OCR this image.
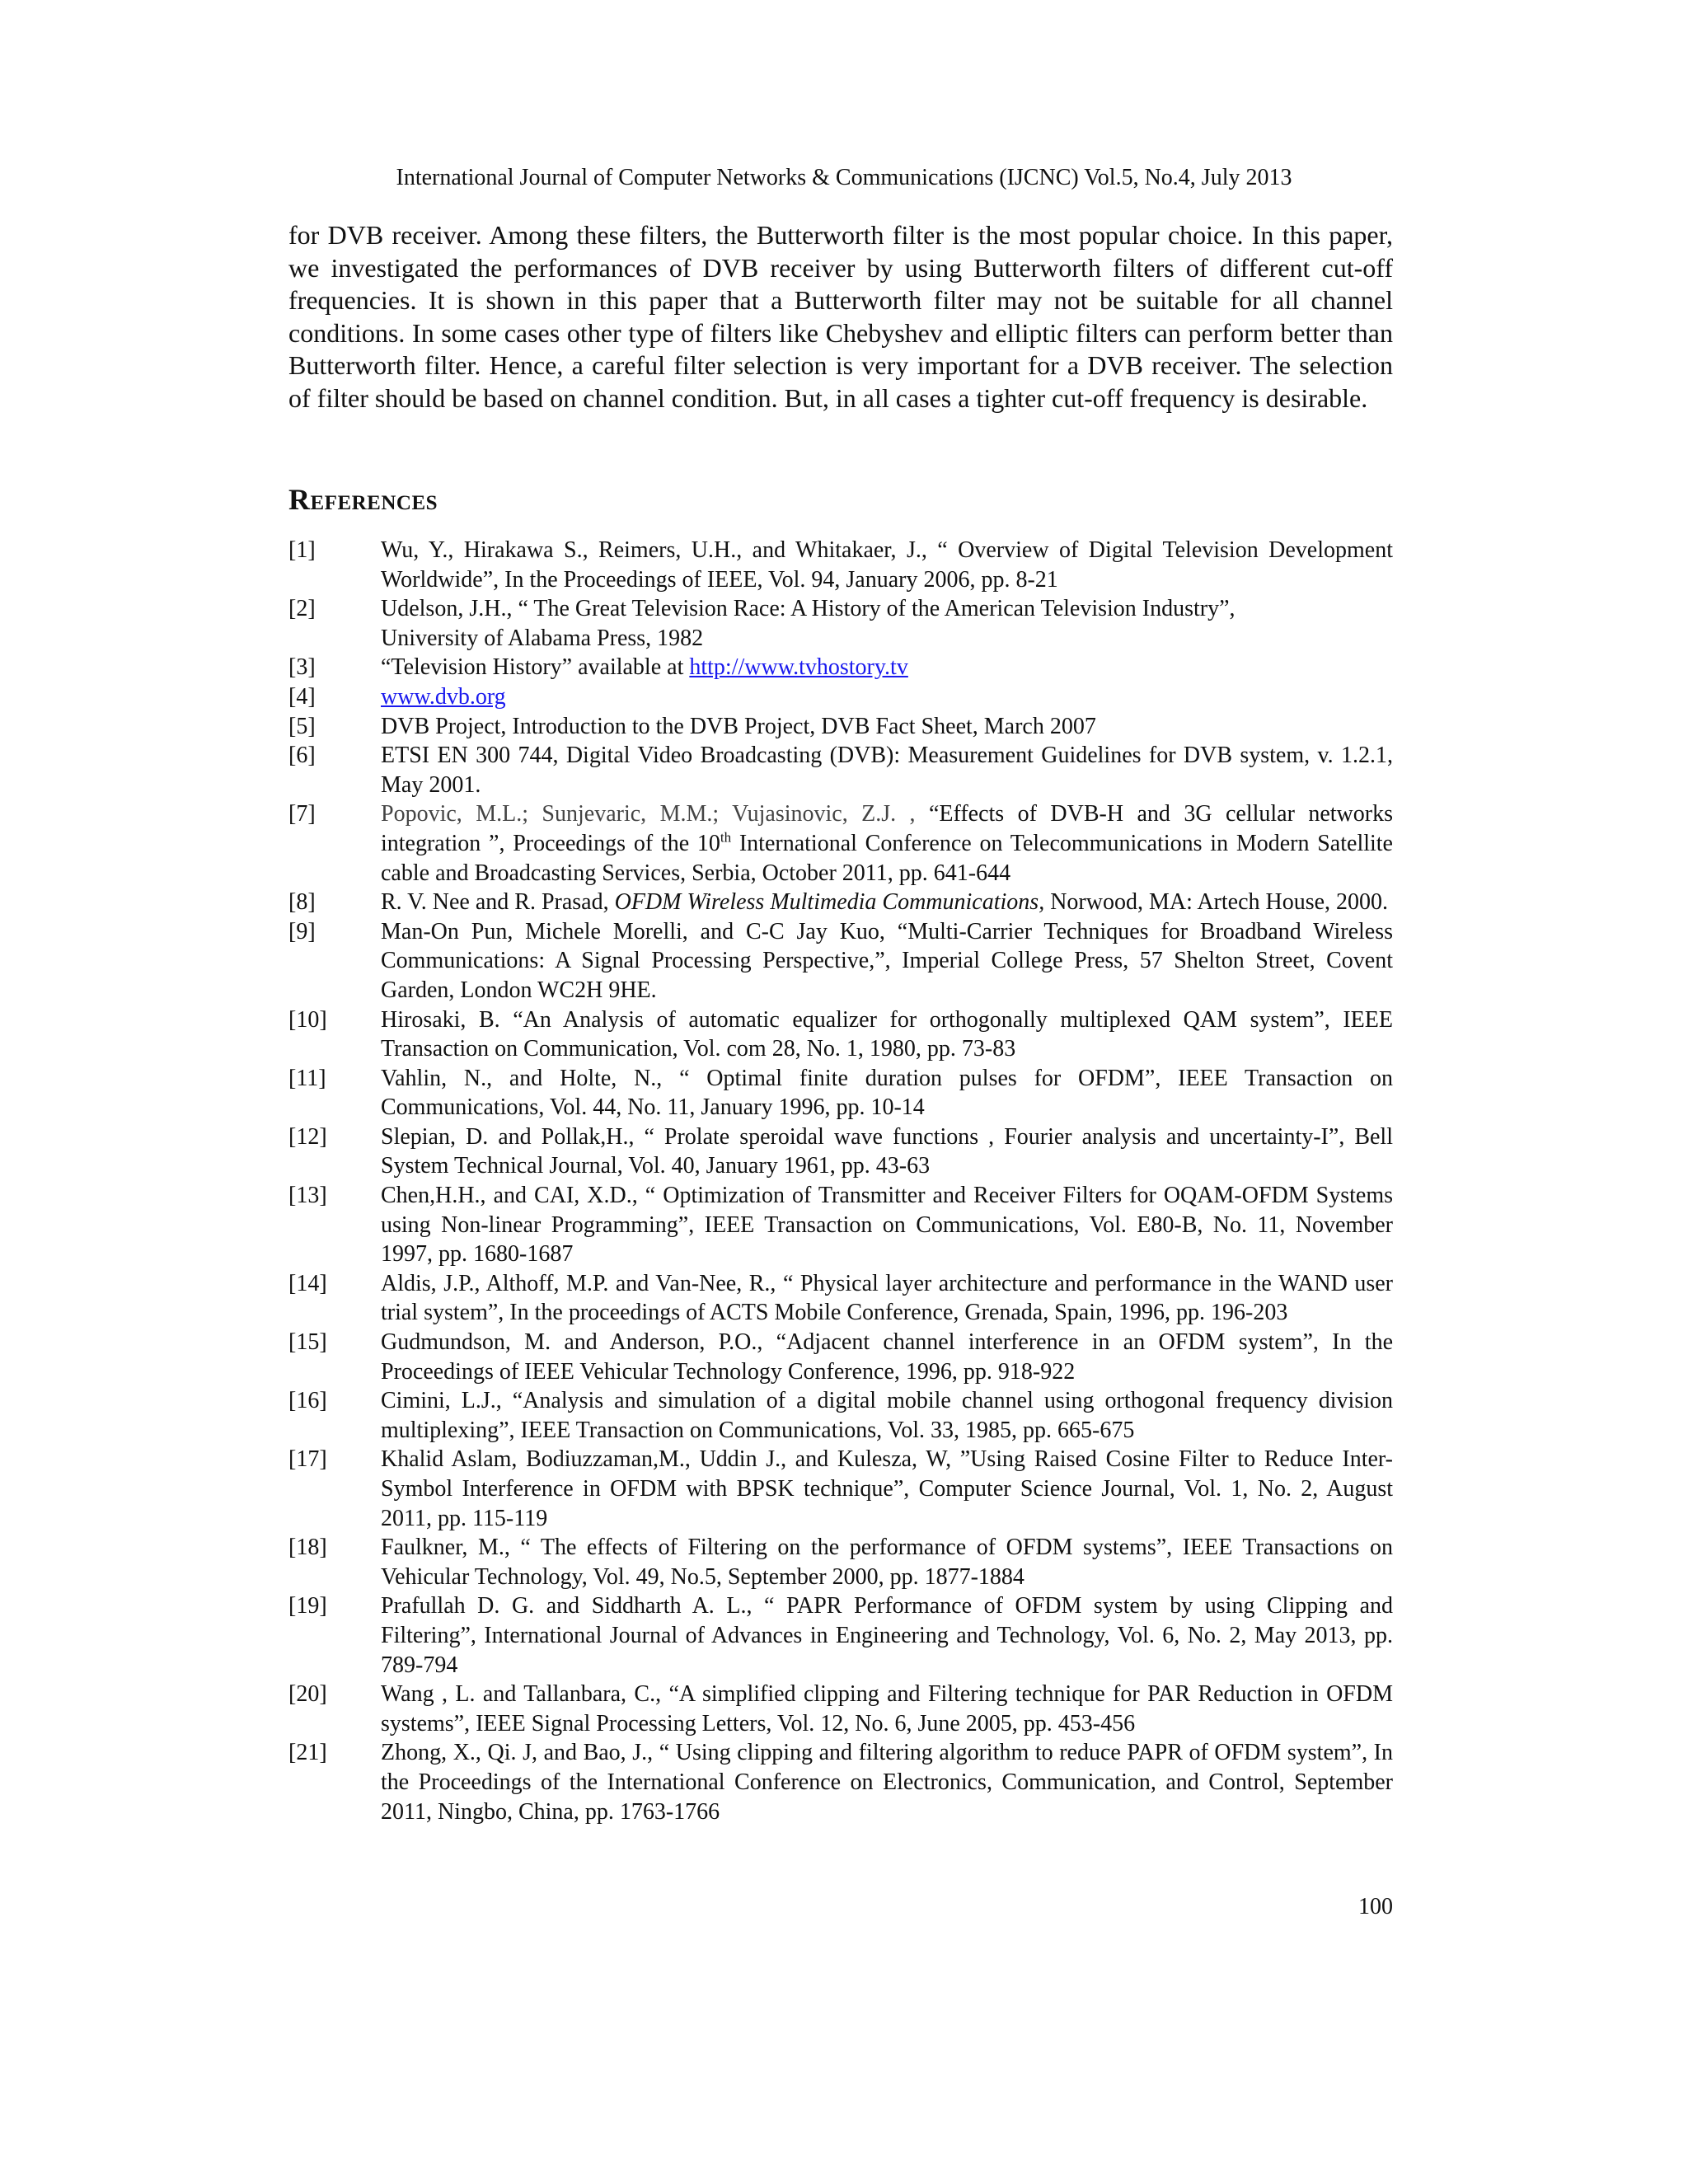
International Journal of Computer Networks & Communications (IJCNC) Vol.5, No.4, July 2013

for DVB receiver. Among these filters, the Butterworth filter is the most popular choice. In this paper, we investigated the performances of DVB receiver by using Butterworth filters of different cut-off frequencies. It is shown in this paper that a Butterworth filter may not be suitable for all channel conditions. In some cases other type of filters like Chebyshev and elliptic filters can perform better than Butterworth filter. Hence, a careful filter selection is very important for a DVB receiver. The selection of filter should be based on channel condition. But, in all cases a tighter cut-off frequency is desirable.

References
[1]	Wu, Y., Hirakawa S., Reimers, U.H., and Whitakaer, J., “ Overview of Digital Television Development Worldwide”, In the Proceedings of IEEE, Vol. 94, January 2006, pp. 8-21
[2]	Udelson, J.H., “ The Great Television Race: A History of the American Television Industry”,
University of Alabama Press, 1982
[3]	“Television History” available at http://www.tvhostory.tv
[4]	www.dvb.org
[5]	DVB Project, Introduction to the DVB Project, DVB Fact Sheet, March 2007
[6]	ETSI EN 300 744, Digital Video Broadcasting (DVB): Measurement Guidelines for DVB system, v. 1.2.1, May 2001.
[7]	Popovic, M.L.; Sunjevaric, M.M.; Vujasinovic, Z.J. , “Effects of DVB-H and 3G cellular networks integration ”, Proceedings of the 10th International Conference on Telecommunications in Modern Satellite cable and Broadcasting Services, Serbia, October 2011, pp. 641-644
[8]	R. V. Nee and R. Prasad, OFDM Wireless Multimedia Communications, Norwood, MA: Artech House, 2000.
[9]	Man-On Pun, Michele Morelli, and C-C Jay Kuo, “Multi-Carrier Techniques for Broadband Wireless Communications: A Signal Processing Perspective,”, Imperial College Press, 57 Shelton Street, Covent Garden, London WC2H 9HE.
[10]	Hirosaki, B. “An Analysis of automatic equalizer for orthogonally multiplexed QAM system”, IEEE Transaction on Communication, Vol. com 28, No. 1, 1980, pp. 73-83
[11]	Vahlin, N., and Holte, N., “ Optimal finite duration pulses for OFDM”, IEEE Transaction on Communications, Vol. 44, No. 11, January 1996, pp. 10-14
[12]	Slepian, D. and Pollak,H., “ Prolate speroidal wave functions , Fourier analysis and uncertainty-I”, Bell System Technical Journal, Vol. 40, January 1961, pp. 43-63
[13]	Chen,H.H., and CAI, X.D., “ Optimization of Transmitter and Receiver Filters for OQAM-OFDM Systems using Non-linear Programming”, IEEE Transaction on Communications, Vol. E80-B, No. 11, November 1997, pp. 1680-1687
[14]	Aldis, J.P., Althoff, M.P. and Van-Nee, R., “ Physical layer architecture and performance in the WAND user trial system”, In the proceedings of ACTS Mobile Conference, Grenada, Spain, 1996, pp. 196-203
[15]	Gudmundson, M. and Anderson, P.O., “Adjacent channel interference in an OFDM system”, In the Proceedings of IEEE Vehicular Technology Conference, 1996, pp. 918-922
[16]	Cimini, L.J., “Analysis and simulation of a digital mobile channel using orthogonal frequency division multiplexing”, IEEE Transaction on Communications, Vol. 33, 1985, pp. 665-675
[17]	Khalid Aslam, Bodiuzzaman,M., Uddin J., and Kulesza, W, ”Using Raised Cosine Filter to Reduce Inter- Symbol Interference in OFDM with BPSK technique”, Computer Science Journal, Vol. 1, No. 2, August 2011, pp. 115-119
[18]	Faulkner, M., “ The effects of Filtering on the performance of OFDM systems”, IEEE Transactions on Vehicular Technology, Vol. 49, No.5, September 2000, pp. 1877-1884
[19]	Prafullah D. G. and Siddharth A. L., “ PAPR Performance of OFDM system by using Clipping and Filtering”, International Journal of Advances in Engineering and Technology, Vol. 6, No. 2, May 2013, pp. 789-794
[20]	Wang , L. and Tallanbara, C., “A simplified clipping and Filtering technique for PAR Reduction in OFDM systems”, IEEE Signal Processing Letters, Vol. 12, No. 6, June 2005, pp. 453-456
[21]	Zhong, X., Qi. J, and Bao, J., “ Using clipping and filtering algorithm to reduce PAPR of OFDM system”, In the Proceedings of the International Conference on Electronics, Communication, and Control, September 2011, Ningbo, China, pp. 1763-1766
100
